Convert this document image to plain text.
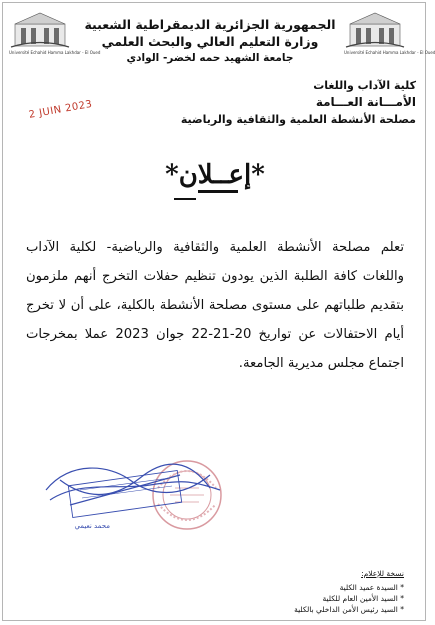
Université Echahid Hamma Lakhdar - El Oued	Université Echahid Hamma Lakhdar - El Oued
الجمهورية الجزائرية الديمقراطية الشعبية
وزارة التعليم العالي والبحث العلمي
جامعة الشهيد حمه لخضر- الوادي
كلية الآداب واللغات
الأمـــانة العـــامة
مصلحة الأنشطة العلمية والثقافية والرياضية
2 JUIN 2023
*إعــلان*

تعلم مصلحة الأنشطة العلمية والثقافية والرياضية- لكلية الآداب واللغات كافة الطلبة الذين يودون تنظيم حفلات التخرج أنهم ملزمون بتقديم طلباتهم على مستوى مصلحة الأنشطة بالكلية، على أن لا تخرج أيام الاحتفالات عن تواريخ 20-21-22 جوان 2023 عملا بمخرجات اجتماع مجلس مديرية الجامعة.

محمد نعيمي
نسخة للإعلام:
* السيدة عميد الكلية
* السيد الأمين العام للكلية
* السيد رئيس الأمن الداخلي بالكلية
